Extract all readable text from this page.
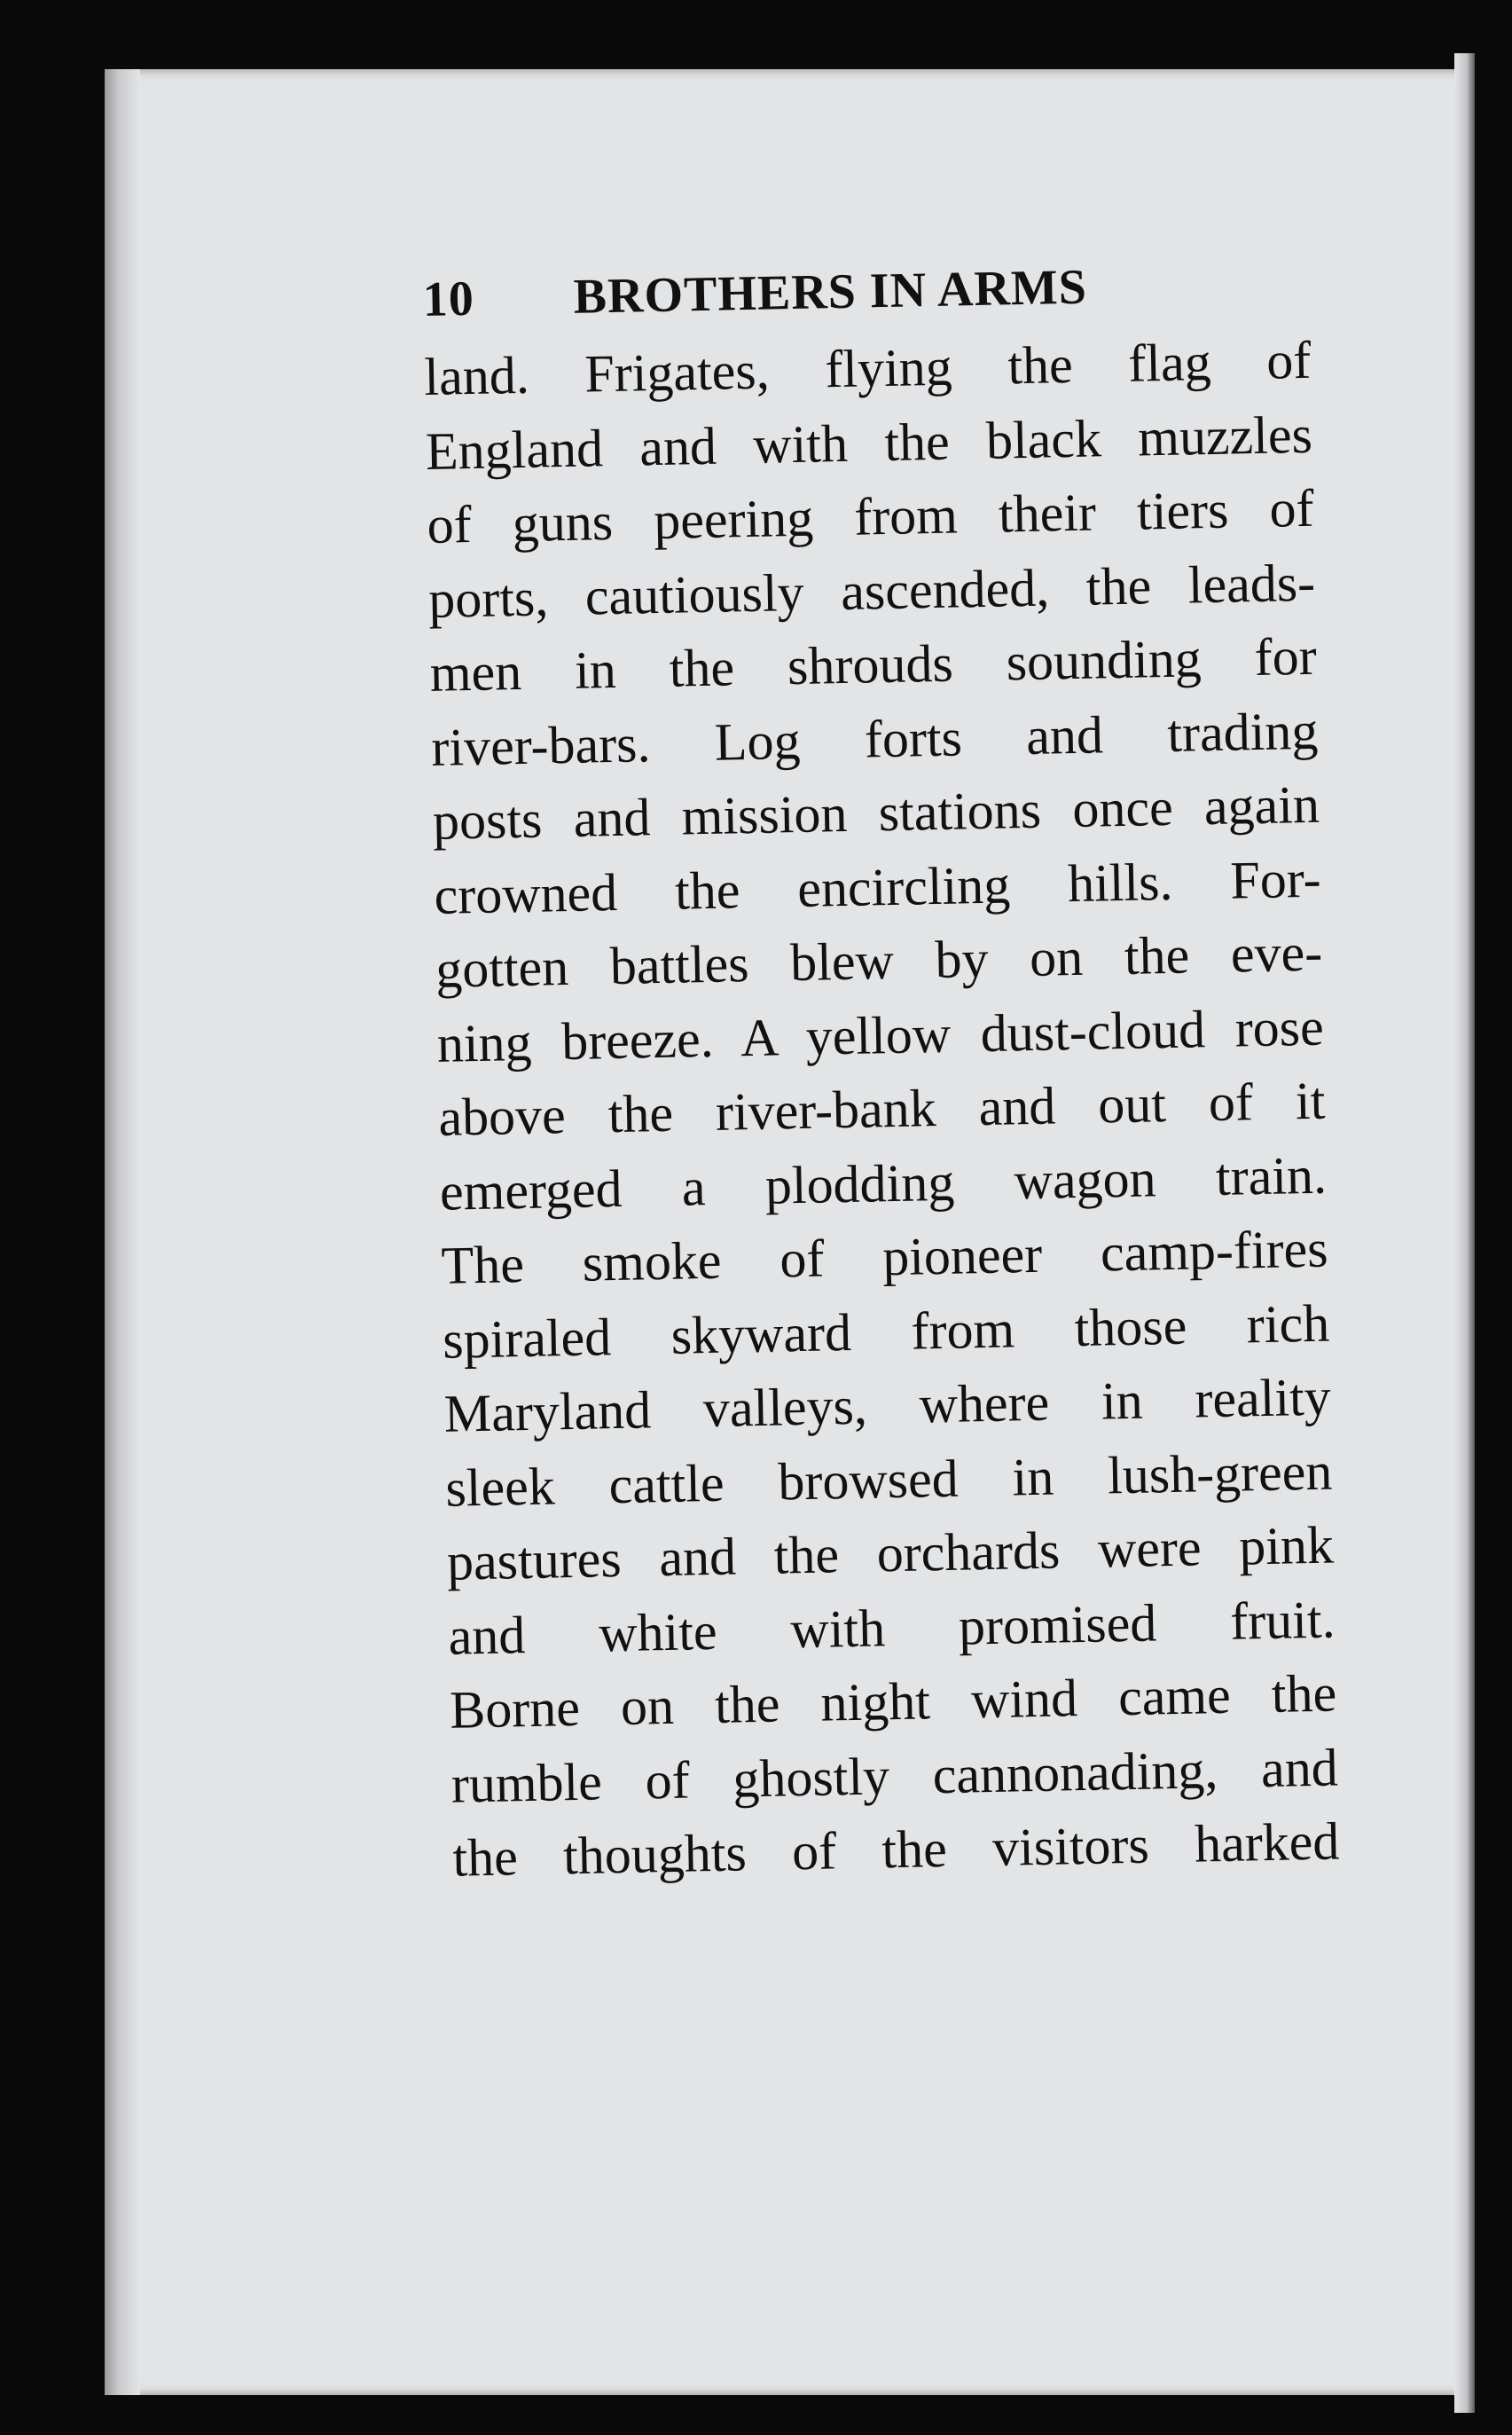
10 BROTHERS IN ARMS
land. Frigates, flying the flag of
England and with the black muzzles
of guns peering from their tiers of
ports, cautiously ascended, the leads-
men in the shrouds sounding for
river-bars. Log forts and trading
posts and mission stations once again
crowned the encircling hills. For-
gotten battles blew by on the eve-
ning breeze. A yellow dust-cloud rose
above the river-bank and out of it
emerged a plodding wagon train.
The smoke of pioneer camp-fires
spiraled skyward from those rich
Maryland valleys, where in reality
sleek cattle browsed in lush-green
pastures and the orchards were pink
and white with promised fruit.
Borne on the night wind came the
rumble of ghostly cannonading, and
the thoughts of the visitors harked
